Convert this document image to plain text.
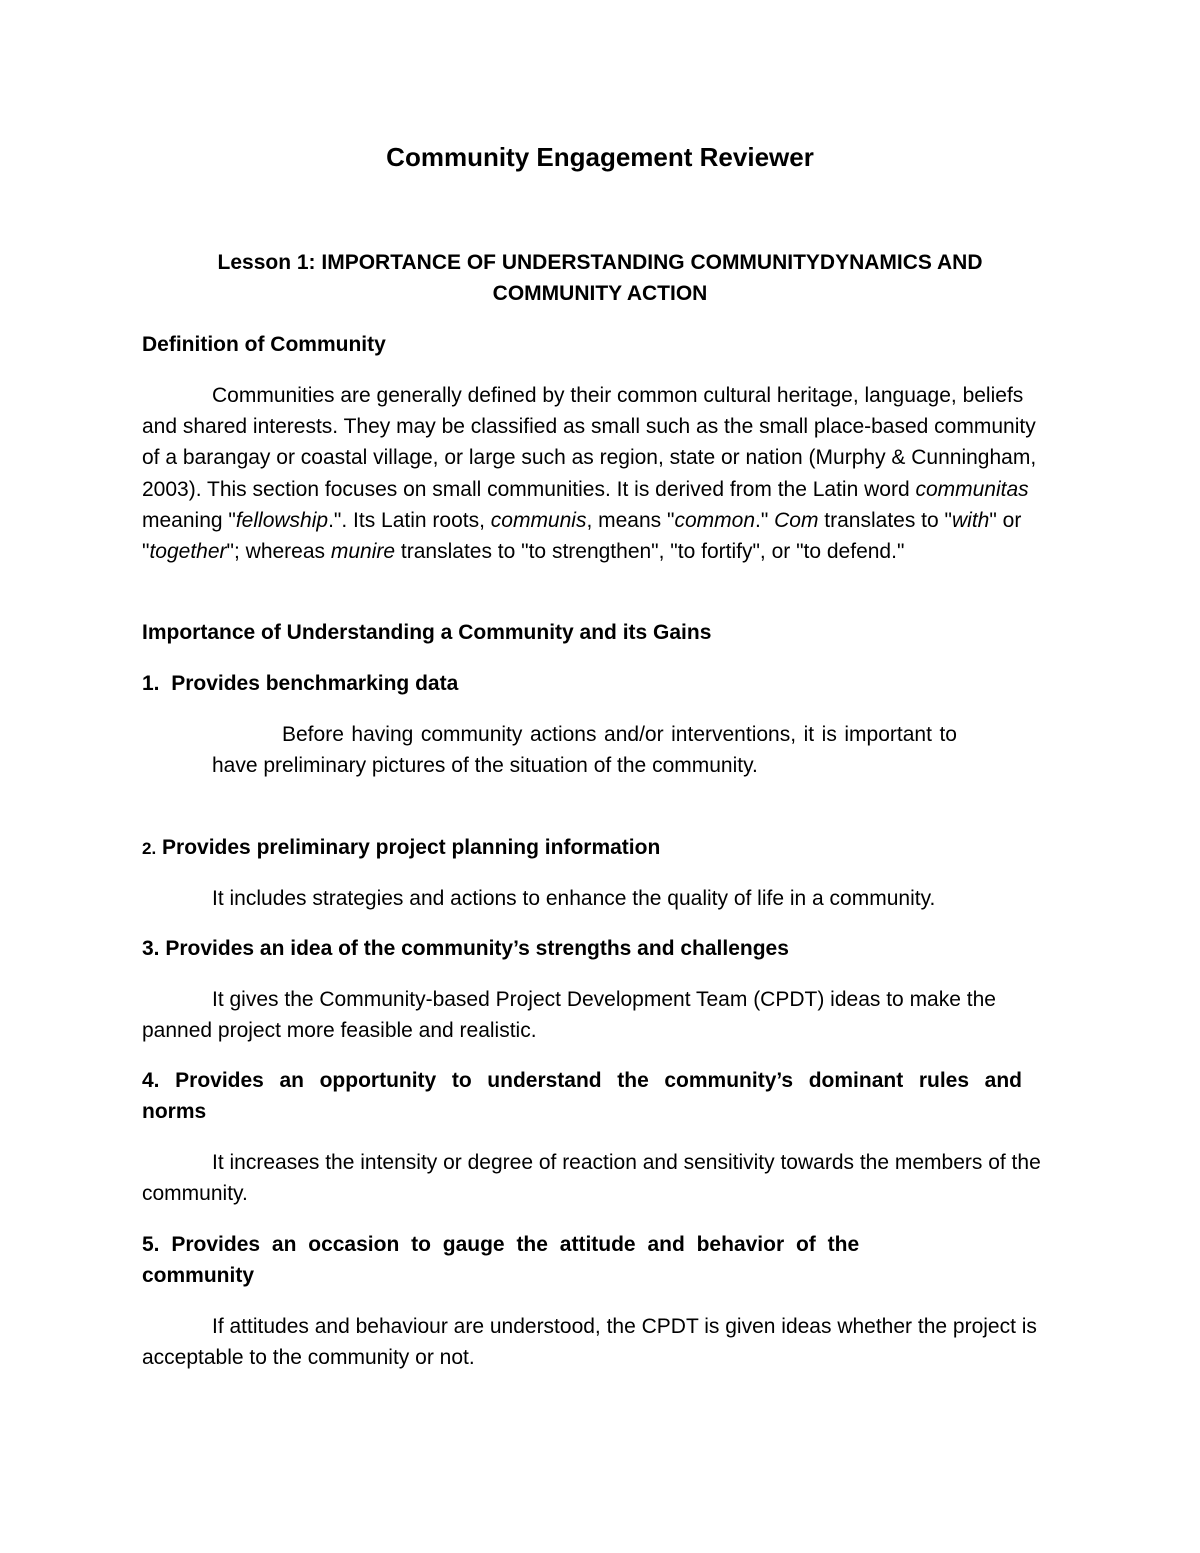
Community Engagement Reviewer
Lesson 1: IMPORTANCE OF UNDERSTANDING COMMUNITYDYNAMICS AND
COMMUNITY ACTION
Definition of Community

Communities are generally defined by their common cultural heritage, language, beliefs and shared interests. They may be classified as small such as the small place-based community of a barangay or coastal village, or large such as region, state or nation (Murphy & Cunningham, 2003). This section focuses on small communities. It is derived from the Latin word communitas meaning "fellowship.". Its Latin roots, communis, means "common." Com translates to "with" or "together"; whereas munire translates to "to strengthen", "to fortify", or "to defend."

Importance of Understanding a Community and its Gains
1. Provides benchmarking data

Before having community actions and/or interventions, it is important to have preliminary pictures of the situation of the community.

2. Provides preliminary project planning information

It includes strategies and actions to enhance the quality of life in a community.

3. Provides an idea of the community’s strengths and challenges

It gives the Community-based Project Development Team (CPDT) ideas to make the panned project more feasible and realistic.

4. Provides an opportunity to understand the community’s dominant rules and norms

It increases the intensity or degree of reaction and sensitivity towards the members of the community.

5. Provides an occasion to gauge the attitude and behavior of the community

If attitudes and behaviour are understood, the CPDT is given ideas whether the project is acceptable to the community or not.
